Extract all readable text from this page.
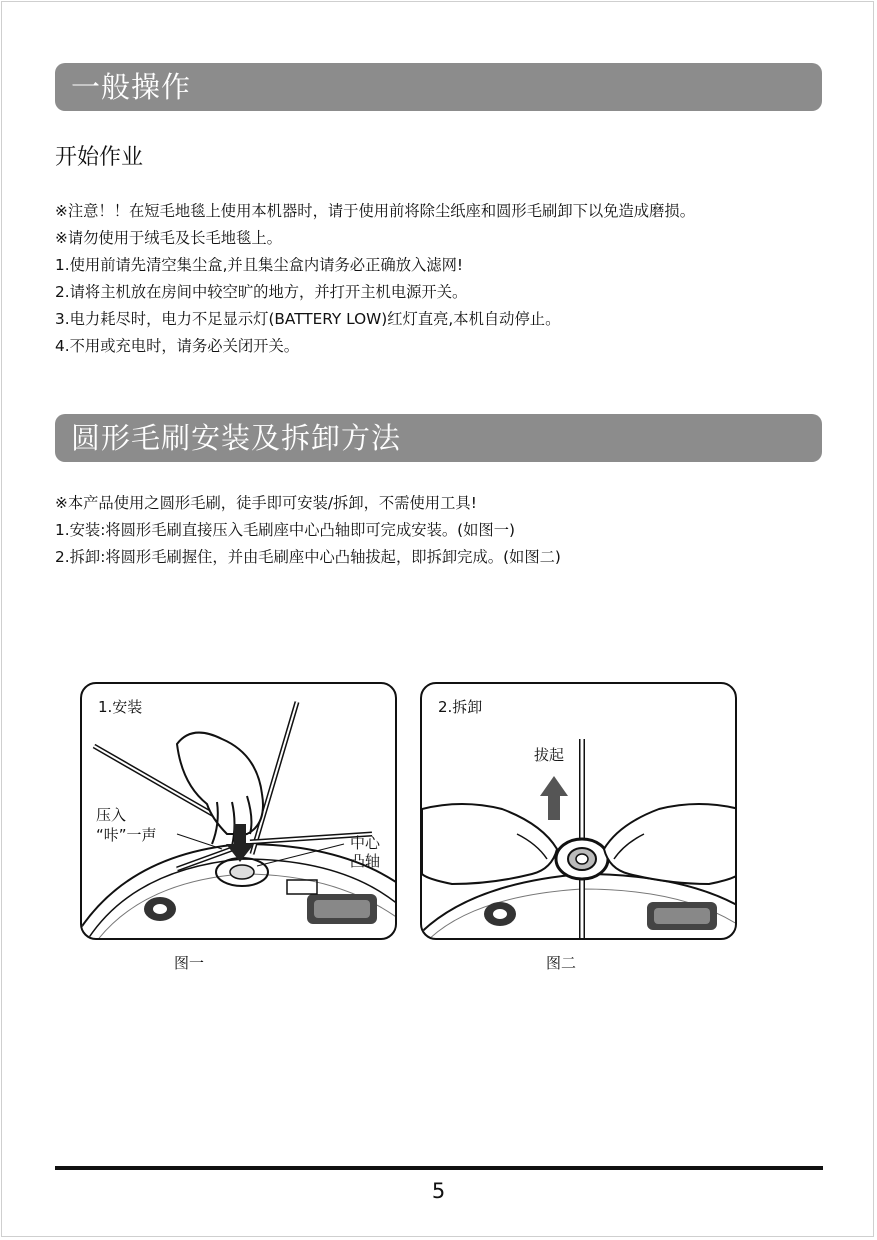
一般操作
开始作业
※注意！！在短毛地毯上使用本机器时，请于使用前将除尘纸座和圆形毛刷卸下以免造成磨损。
※请勿使用于绒毛及长毛地毯上。
1.使用前请先清空集尘盒,并且集尘盒内请务必正确放入滤网!
2.请将主机放在房间中较空旷的地方，并打开主机电源开关。
3.电力耗尽时，电力不足显示灯(BATTERY LOW)红灯直亮,本机自动停止。
4.不用或充电时，请务必关闭开关。
圆形毛刷安装及拆卸方法
※本产品使用之圆形毛刷，徒手即可安装/拆卸，不需使用工具!
1.安装:将圆形毛刷直接压入毛刷座中心凸轴即可完成安装。(如图一)
2.拆卸:将圆形毛刷握住，并由毛刷座中心凸轴拔起，即拆卸完成。(如图二)
1.安装
压入
“咔”一声	中心
凸轴
图一
2.拆卸
拔起
图二
5
